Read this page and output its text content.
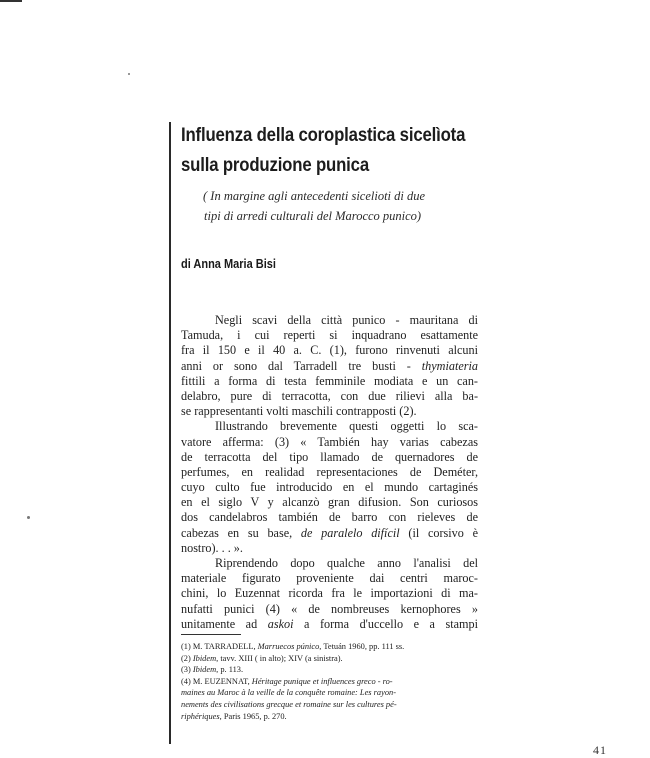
Influenza della coroplastica sicelìota
sulla produzione punica
( In margine agli antecedenti sicelioti di due
tipi di arredi culturali del Marocco punico)
di Anna Maria Bisi
Negli scavi della città punico - mauritana di
Tamuda, i cui reperti si inquadrano esattamente
fra il 150 e il 40 a. C. (1), furono rinvenuti alcuni
anni or sono dal Tarradell tre busti - thymiateria
fittili a forma di testa femminile modiata e un can-
delabro, pure di terracotta, con due rilievi alla ba-
se rappresentanti volti maschili contrapposti (2).
Illustrando brevemente questi oggetti lo sca-
vatore afferma: (3) « También hay varias cabezas
de terracotta del tipo llamado de quernadores de
perfumes, en realidad representaciones de Deméter,
cuyo culto fue introducido en el mundo cartaginés
en el siglo V y alcanzò gran difusion. Son curiosos
dos candelabros también de barro con rieleves de
cabezas en su base, de paralelo difícil (il corsivo è
nostro). . . ».
Riprendendo dopo qualche anno l'analisi del
materiale figurato proveniente dai centri maroc-
chini, lo Euzennat ricorda fra le importazioni di ma-
nufatti punici (4) « de nombreuses kernophores »
unitamente ad askoi a forma d'uccello e a stampi
(1) M. TARRADELL, Marruecos púnico, Tetuán 1960, pp. 111 ss.
(2) Ibidem, tavv. XIII ( in alto); XIV (a sinistra).
(3) Ibidem, p. 113.
(4) M. EUZENNAT, Héritage punique et influences greco - ro-
maines au Maroc à la veille de la conquête romaine: Les rayon-
nements des civilisations grecque et romaine sur les cultures pé-
riphériques, Paris 1965, p. 270.
41
